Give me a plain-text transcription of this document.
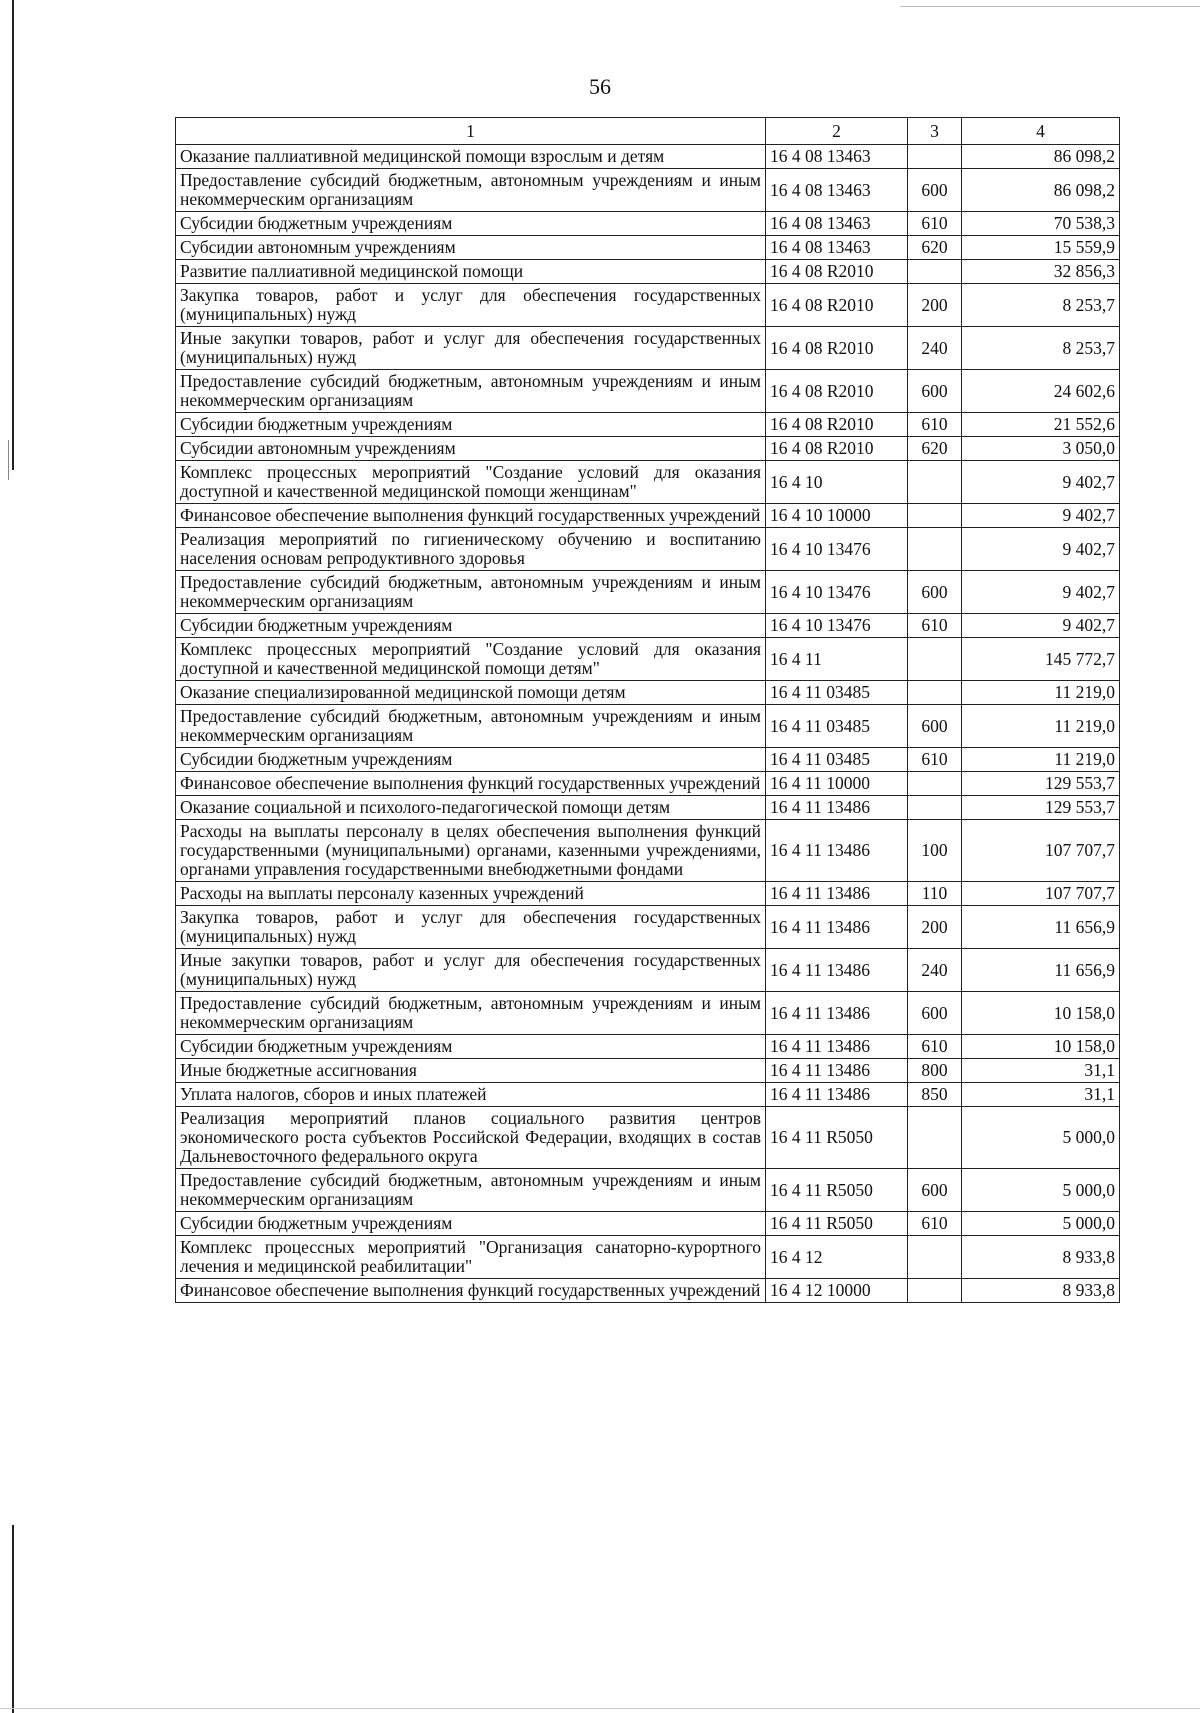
56
1	2	3	4
Оказание паллиативной медицинской помощи взрослым и детям	16 4 08 13463		86 098,2
Предоставление субсидий бюджетным, автономным учреждениям и иным некоммерческим организациям	16 4 08 13463	600	86 098,2
Субсидии бюджетным учреждениям	16 4 08 13463	610	70 538,3
Субсидии автономным учреждениям	16 4 08 13463	620	15 559,9
Развитие паллиативной медицинской помощи	16 4 08 R2010		32 856,3
Закупка товаров, работ и услуг для обеспечения государственных (муниципальных) нужд	16 4 08 R2010	200	8 253,7
Иные закупки товаров, работ и услуг для обеспечения государственных (муниципальных) нужд	16 4 08 R2010	240	8 253,7
Предоставление субсидий бюджетным, автономным учреждениям и иным некоммерческим организациям	16 4 08 R2010	600	24 602,6
Субсидии бюджетным учреждениям	16 4 08 R2010	610	21 552,6
Субсидии автономным учреждениям	16 4 08 R2010	620	3 050,0
Комплекс процессных мероприятий "Создание условий для оказания доступной и качественной медицинской помощи женщинам"	16 4 10		9 402,7
Финансовое обеспечение выполнения функций государственных учреждений	16 4 10 10000		9 402,7
Реализация мероприятий по гигиеническому обучению и воспитанию населения основам репродуктивного здоровья	16 4 10 13476		9 402,7
Предоставление субсидий бюджетным, автономным учреждениям и иным некоммерческим организациям	16 4 10 13476	600	9 402,7
Субсидии бюджетным учреждениям	16 4 10 13476	610	9 402,7
Комплекс процессных мероприятий "Создание условий для оказания доступной и качественной медицинской помощи детям"	16 4 11		145 772,7
Оказание специализированной медицинской помощи детям	16 4 11 03485		11 219,0
Предоставление субсидий бюджетным, автономным учреждениям и иным некоммерческим организациям	16 4 11 03485	600	11 219,0
Субсидии бюджетным учреждениям	16 4 11 03485	610	11 219,0
Финансовое обеспечение выполнения функций государственных учреждений	16 4 11 10000		129 553,7
Оказание социальной и психолого-педагогической помощи детям	16 4 11 13486		129 553,7
Расходы на выплаты персоналу в целях обеспечения выполнения функций государственными (муниципальными) органами, казенными учреждениями, органами управления государственными внебюджетными фондами	16 4 11 13486	100	107 707,7
Расходы на выплаты персоналу казенных учреждений	16 4 11 13486	110	107 707,7
Закупка товаров, работ и услуг для обеспечения государственных (муниципальных) нужд	16 4 11 13486	200	11 656,9
Иные закупки товаров, работ и услуг для обеспечения государственных (муниципальных) нужд	16 4 11 13486	240	11 656,9
Предоставление субсидий бюджетным, автономным учреждениям и иным некоммерческим организациям	16 4 11 13486	600	10 158,0
Субсидии бюджетным учреждениям	16 4 11 13486	610	10 158,0
Иные бюджетные ассигнования	16 4 11 13486	800	31,1
Уплата налогов, сборов и иных платежей	16 4 11 13486	850	31,1
Реализация мероприятий планов социального развития центров экономического роста субъектов Российской Федерации, входящих в состав Дальневосточного федерального округа	16 4 11 R5050		5 000,0
Предоставление субсидий бюджетным, автономным учреждениям и иным некоммерческим организациям	16 4 11 R5050	600	5 000,0
Субсидии бюджетным учреждениям	16 4 11 R5050	610	5 000,0
Комплекс процессных мероприятий "Организация санаторно-курортного лечения и медицинской реабилитации"	16 4 12		8 933,8
Финансовое обеспечение выполнения функций государственных учреждений	16 4 12 10000		8 933,8
